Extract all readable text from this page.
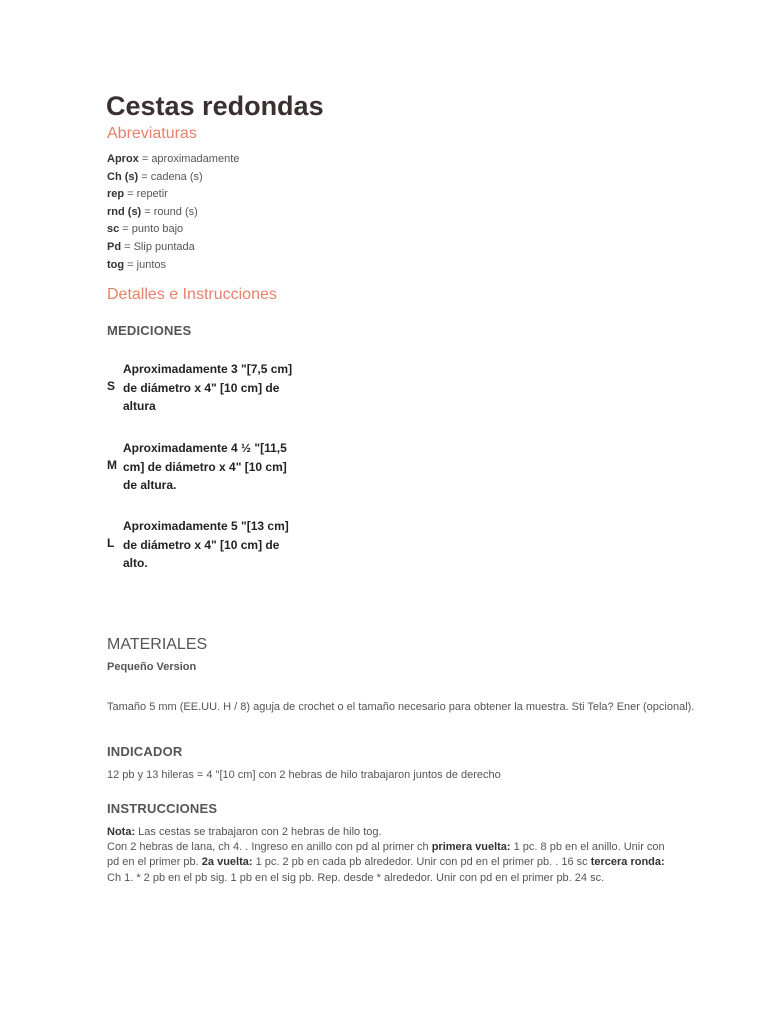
Cestas redondas
Abreviaturas
Aprox = aproximadamente
Ch (s) = cadena (s)
rep = repetir
rnd (s) = round (s)
sc = punto bajo
Pd = Slip puntada
tog = juntos
Detalles e Instrucciones
MEDICIONES
S
Aproximadamente 3 "[7,5 cm] de diámetro x 4" [10 cm] de altura
M
Aproximadamente 4 ½ "[11,5 cm] de diámetro x 4" [10 cm] de altura.
L
Aproximadamente 5 "[13 cm] de diámetro x 4" [10 cm] de alto.
MATERIALES
Pequeño Version
Tamaño 5 mm (EE.UU. H / 8) aguja de crochet o el tamaño necesario para obtener la muestra. Sti Tela? Ener (opcional).
INDICADOR
12 pb y 13 hileras = 4 "[10 cm] con 2 hebras de hilo trabajaron juntos de derecho
INSTRUCCIONES
Nota: Las cestas se trabajaron con 2 hebras de hilo tog.
Con 2 hebras de lana, ch 4. . Ingreso en anillo con pd al primer ch primera vuelta: 1 pc. 8 pb en el anillo. Unir con pd en el primer pb. 2a vuelta: 1 pc. 2 pb en cada pb alrededor. Unir con pd en el primer pb. . 16 sc tercera ronda: Ch 1. * 2 pb en el pb sig. 1 pb en el sig pb. Rep. desde * alrededor. Unir con pd en el primer pb. 24 sc.
